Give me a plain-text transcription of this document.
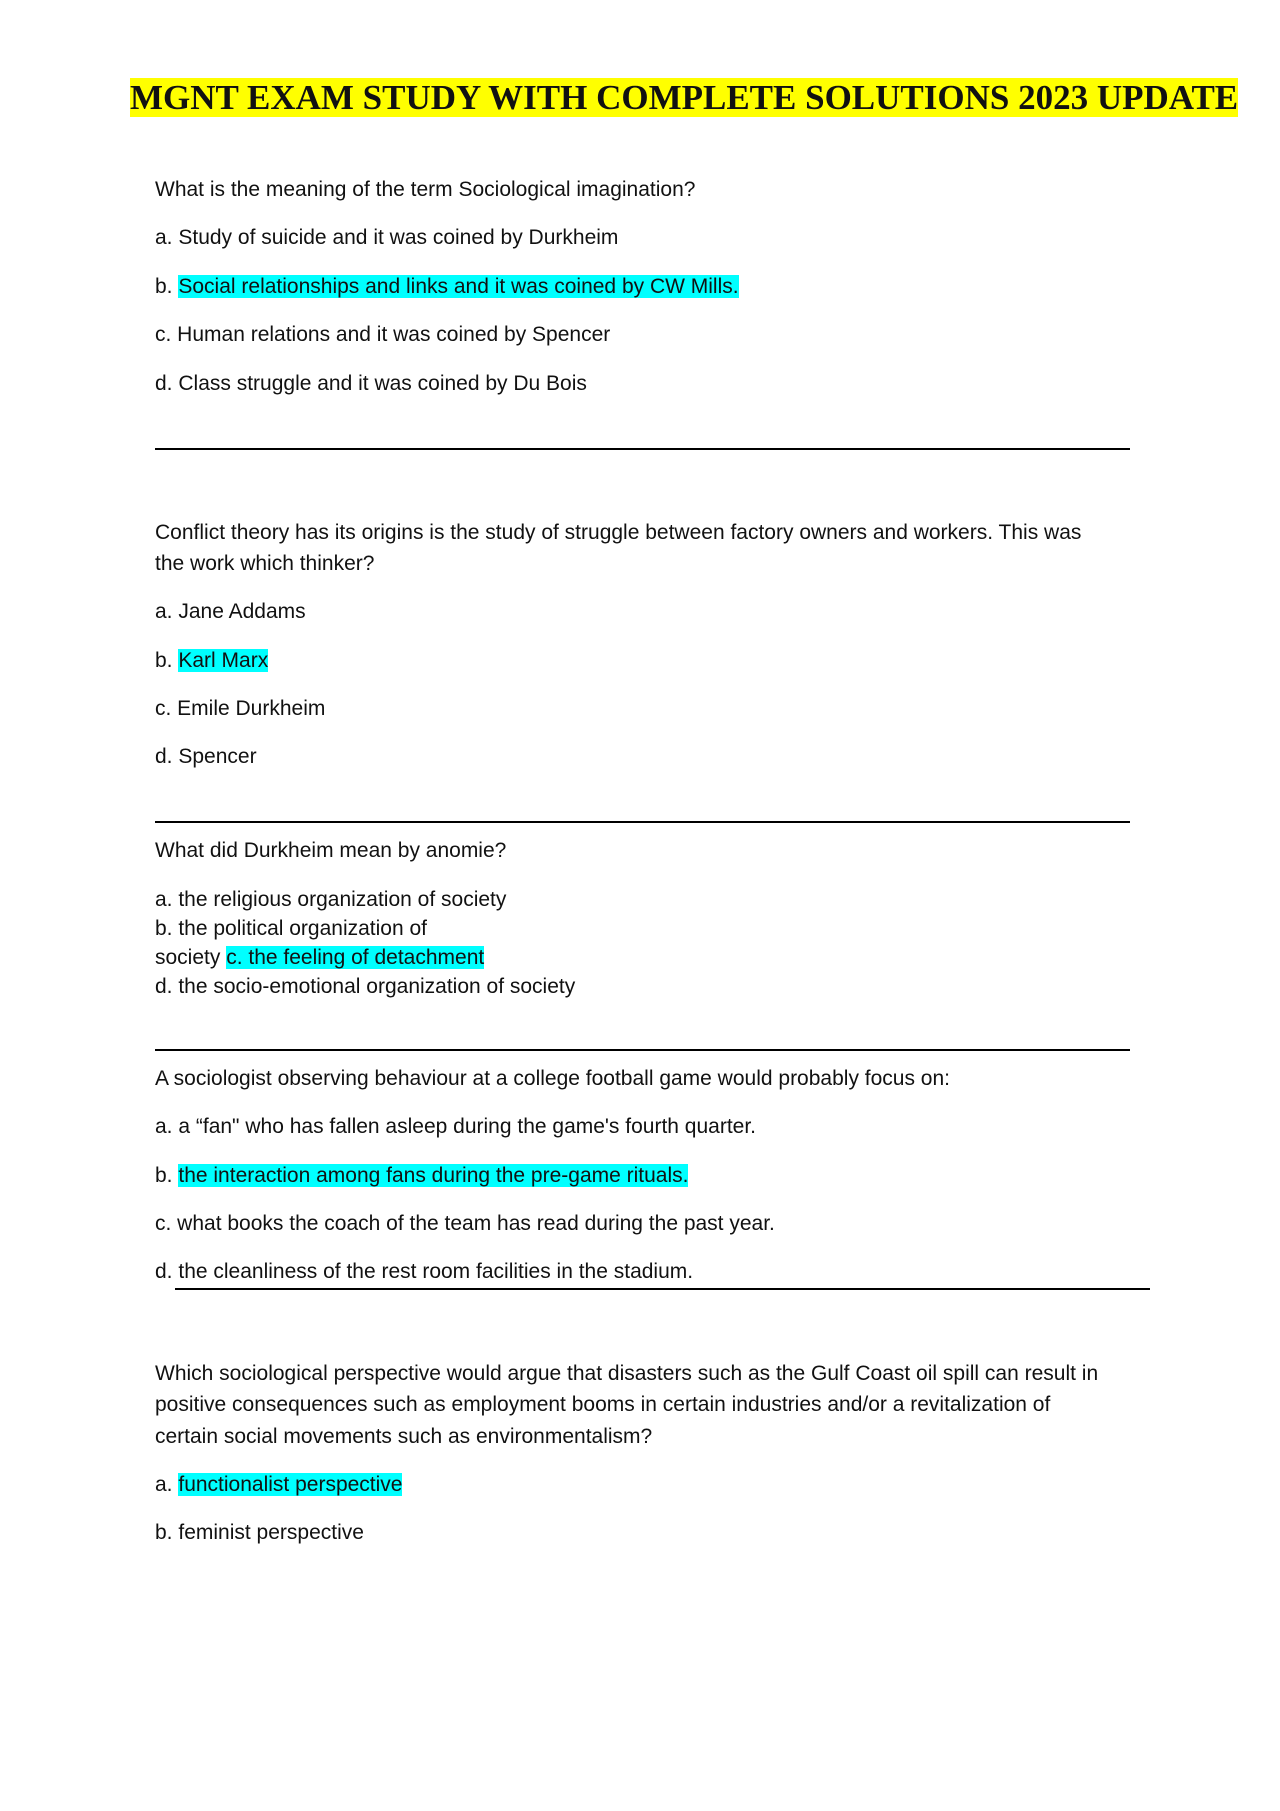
MGNT EXAM STUDY WITH COMPLETE SOLUTIONS 2023 UPDATE

What is the meaning of the term Sociological imagination?

a. Study of suicide and it was coined by Durkheim

b. Social relationships and links and it was coined by CW Mills.

c. Human relations and it was coined by Spencer

d. Class struggle and it was coined by Du Bois

Conflict theory has its origins is the study of struggle between factory owners and workers. This was

the work which thinker?

a. Jane Addams

b. Karl Marx

c. Emile Durkheim

d. Spencer

What did Durkheim mean by anomie?

a. the religious organization of society

b. the political organization of

society c. the feeling of detachment

d. the socio-emotional organization of society

A sociologist observing behaviour at a college football game would probably focus on:

a. a “fan" who has fallen asleep during the game's fourth quarter.

b. the interaction among fans during the pre-game rituals.

c. what books the coach of the team has read during the past year.

d. the cleanliness of the rest room facilities in the stadium.

Which sociological perspective would argue that disasters such as the Gulf Coast oil spill can result in

positive consequences such as employment booms in certain industries and/or a revitalization of

certain social movements such as environmentalism?

a. functionalist perspective

b. feminist perspective
